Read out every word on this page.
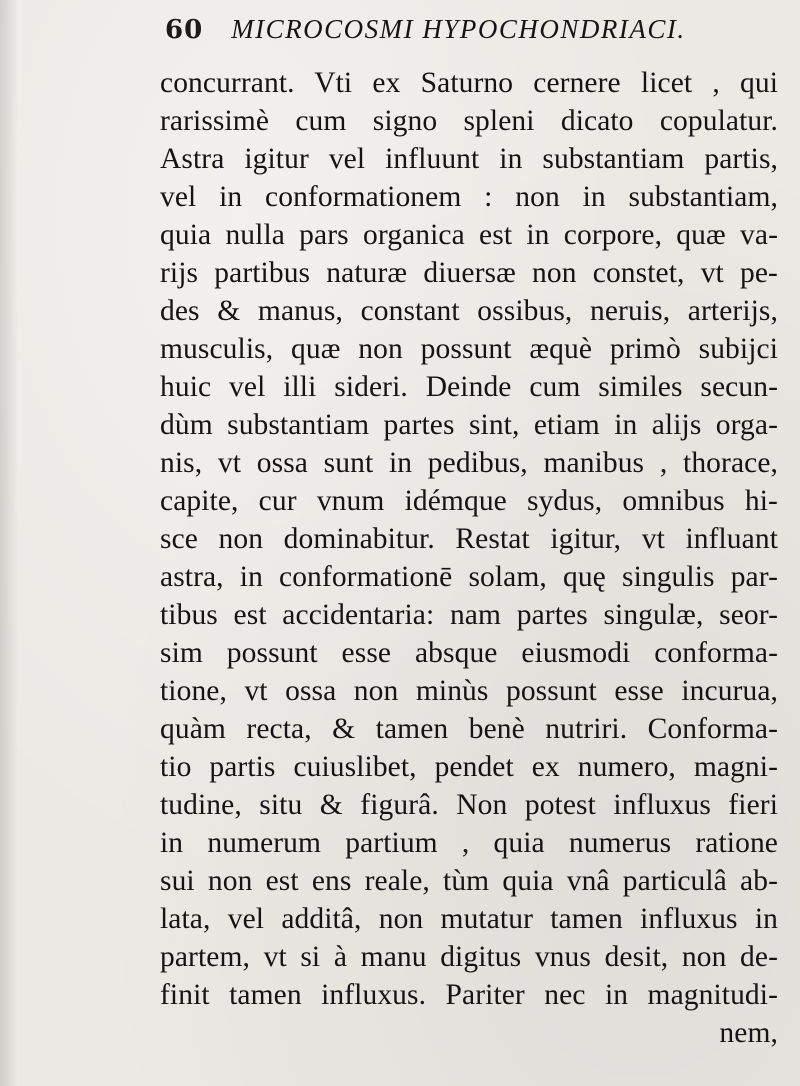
60 MICROCOSMI HYPOCHONDRIACI.
concurrant. Vti ex Saturno cernere licet , qui
rarissimè cum signo spleni dicato copulatur.
Astra igitur vel influunt in substantiam partis,
vel in conformationem : non in substantiam,
quia nulla pars organica est in corpore, quæ va-
rijs partibus naturæ diuersæ non constet, vt pe-
des & manus, constant ossibus, neruis, arterijs,
musculis, quæ non possunt æquè primò subijci
huic vel illi sideri. Deinde cum similes secun-
dùm substantiam partes sint, etiam in alijs orga-
nis, vt ossa sunt in pedibus, manibus , thorace,
capite, cur vnum idémque sydus, omnibus hi-
sce non dominabitur. Restat igitur, vt influant
astra, in conformationē solam, quę singulis par-
tibus est accidentaria: nam partes singulæ, seor-
sim possunt esse absque eiusmodi conforma-
tione, vt ossa non minùs possunt esse incurua,
quàm recta, & tamen benè nutriri. Conforma-
tio partis cuiuslibet, pendet ex numero, magni-
tudine, situ & figurâ. Non potest influxus fieri
in numerum partium , quia numerus ratione
sui non est ens reale, tùm quia vnâ particulâ ab-
lata, vel additâ, non mutatur tamen influxus in
partem, vt si à manu digitus vnus desit, non de-
finit tamen influxus. Pariter nec in magnitudi-
nem,
